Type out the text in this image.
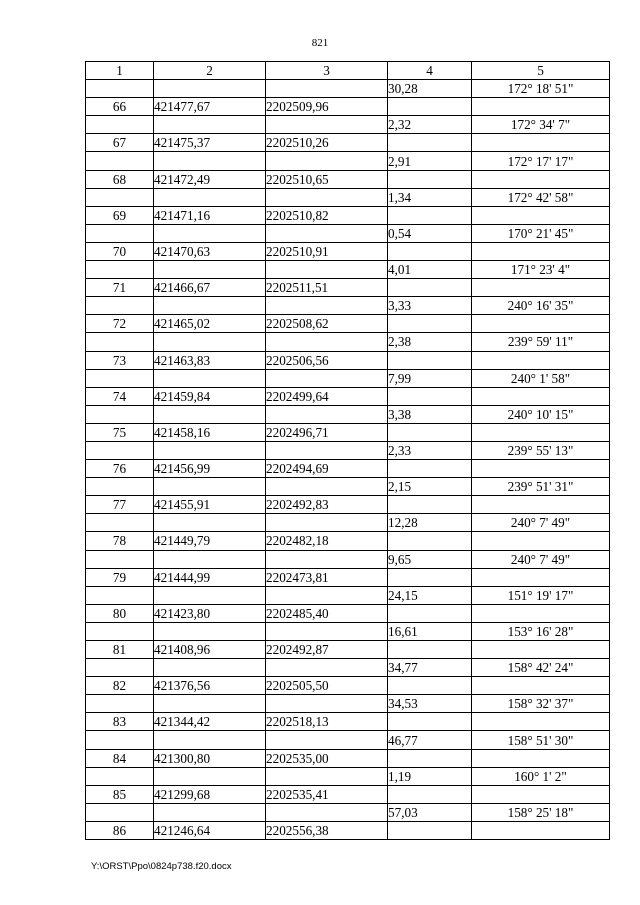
821
1	2	3	4	5
			30,28	172° 18' 51"
66	421477,67	2202509,96		
			2,32	172° 34' 7"
67	421475,37	2202510,26		
			2,91	172° 17' 17"
68	421472,49	2202510,65		
			1,34	172° 42' 58"
69	421471,16	2202510,82		
			0,54	170° 21' 45"
70	421470,63	2202510,91		
			4,01	171° 23' 4"
71	421466,67	2202511,51		
			3,33	240° 16' 35"
72	421465,02	2202508,62		
			2,38	239° 59' 11"
73	421463,83	2202506,56		
			7,99	240° 1' 58"
74	421459,84	2202499,64		
			3,38	240° 10' 15"
75	421458,16	2202496,71		
			2,33	239° 55' 13"
76	421456,99	2202494,69		
			2,15	239° 51' 31"
77	421455,91	2202492,83		
			12,28	240° 7' 49"
78	421449,79	2202482,18		
			9,65	240° 7' 49"
79	421444,99	2202473,81		
			24,15	151° 19' 17"
80	421423,80	2202485,40		
			16,61	153° 16' 28"
81	421408,96	2202492,87		
			34,77	158° 42' 24"
82	421376,56	2202505,50		
			34,53	158° 32' 37"
83	421344,42	2202518,13		
			46,77	158° 51' 30"
84	421300,80	2202535,00		
			1,19	160° 1' 2"
85	421299,68	2202535,41		
			57,03	158° 25' 18"
86	421246,64	2202556,38		
Y:\ORST\Ppo\0824p738.f20.docx
